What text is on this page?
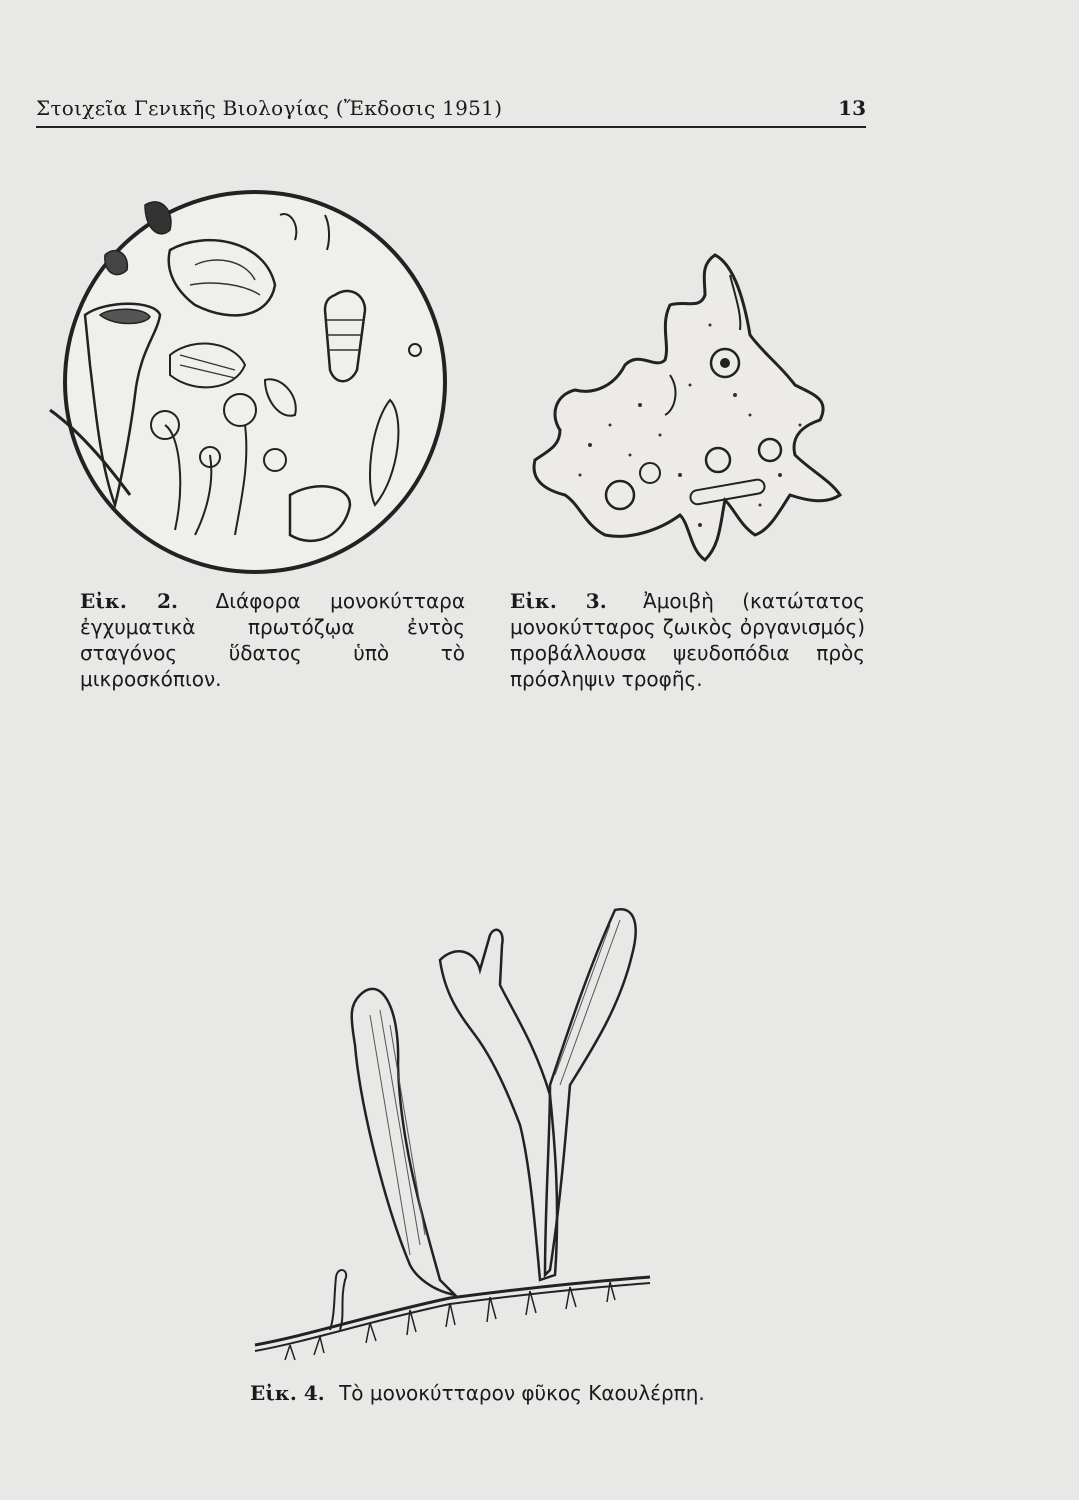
Στοιχεῖα Γενικῆς Βιολογίας (Ἔκδοσις 1951)	13
Εἰκ. 2. Διάφορα μονοκύτταρα ἐγχυματικὰ πρωτόζῳα ἐντὸς σταγόνος ὕδατος ὑπὸ τὸ μικροσκόπιον.
Εἰκ. 3. Ἀμοιβὴ (κατώτατος μονοκύτταρος ζωικὸς ὀργανισμός) προβάλλουσα ψευδοπόδια πρὸς πρόσληψιν τροφῆς.
Εἰκ. 4. Τὸ μονοκύτταρον φῦκος Καουλέρπη.
